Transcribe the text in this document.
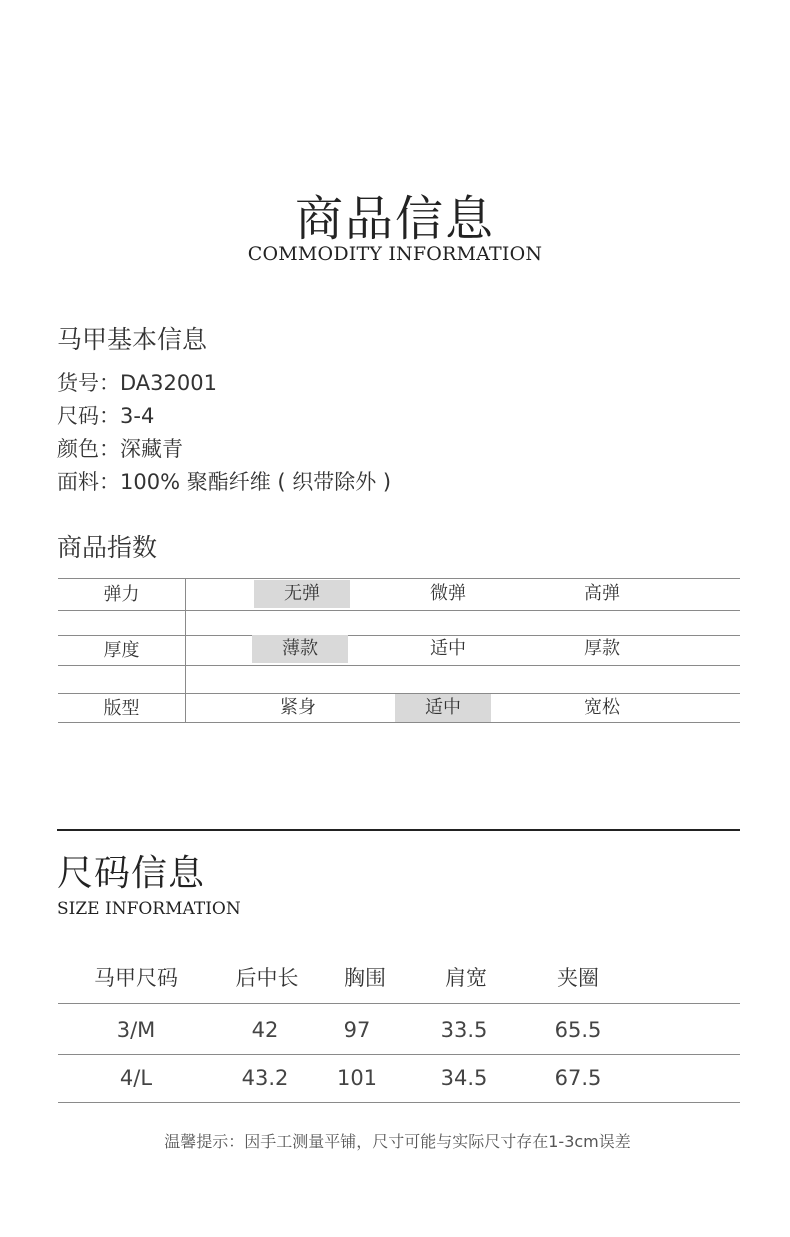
商品信息
COMMODITY INFORMATION
马甲基本信息
货号：DA32001
尺码：3-4
颜色：深藏青
面料：100% 聚酯纤维 ( 织带除外 )
商品指数
弹力	无弹	微弹	高弹
厚度	薄款	适中	厚款
版型	紧身	适中	宽松
尺码信息
SIZE INFORMATION
马甲尺码	后中长	胸围	肩宽	夹圈
3/M	42	97	33.5	65.5
4/L	43.2	101	34.5	67.5
温馨提示：因手工测量平铺，尺寸可能与实际尺寸存在1-3cm误差
